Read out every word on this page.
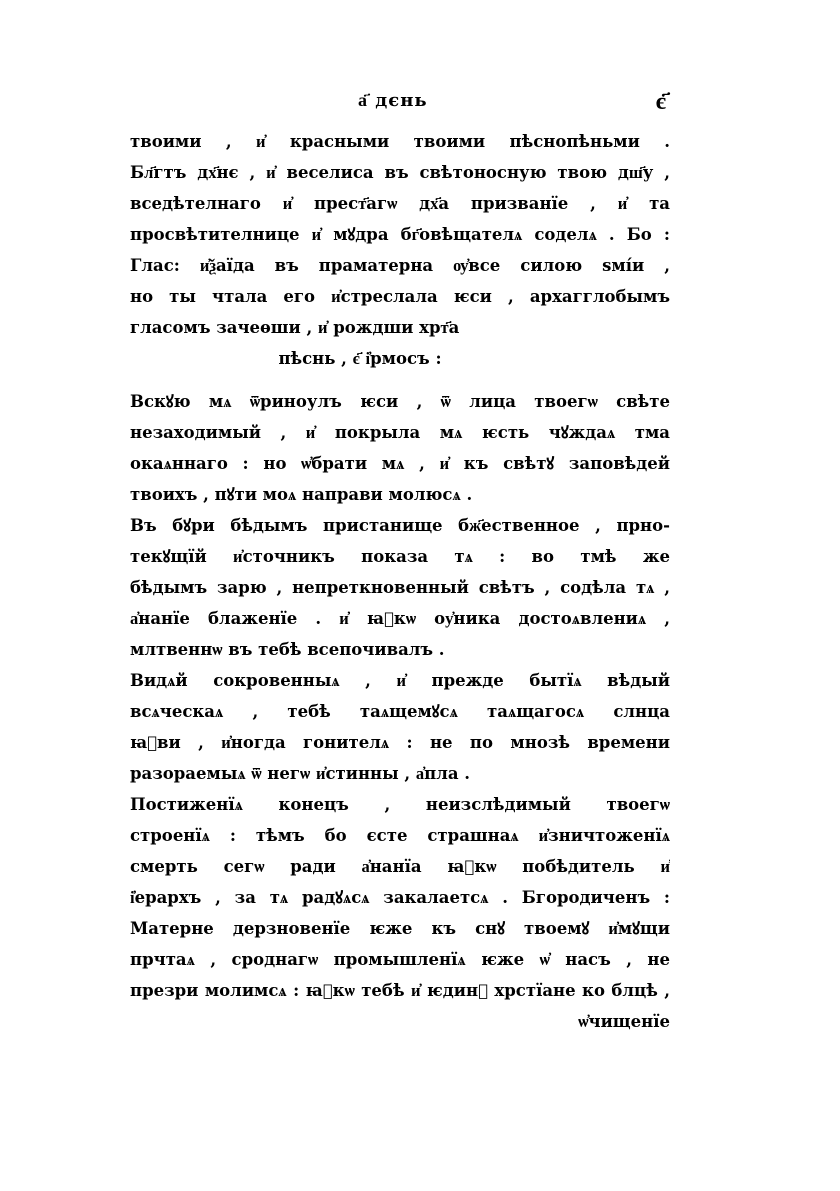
а҃ дєнь	є҃
твоими , и҆ красными твоими пѣснопѣньми .
Бл҃гтъ дх҃нє , и҆ веселиса въ свѣтоносную твою дш҃у ,
вседѣтелнаго и҆ прест҃агѡ дх҃а призванїе , и҆ та
просвѣтителнице и҆ мꙋдра бг҃овѣщателѧ соделѧ . Бо :
Глас: и҆ѯаїда въ праматерна ѹ҆все силою ѕмі́и ,
но ты чтала его и҆стреслала ѥси , архагглобымъ
гласомъ зачеѳши , и҆ рождши хрт҃а
пѣснь , є҃ і҆рмосъ :
Вскꙋю мѧ ѿриноулъ ѥси , ѿ лица твоегѡ свѣте
незаходимый , и҆ покрыла мѧ ѥсть чꙋждаѧ тма
окаѧннаго : но ѡ҆брати мѧ , и҆ къ свѣтꙋ заповѣдей
твоихъ , пꙋти моѧ направи молюсѧ .
Въ бꙋри бѣдымъ пристанище бж҃ественное , прно-
текꙋщїй и҆сточникъ показа тѧ : во тмѣ же
бѣдымъ зарю , непреткновенный свѣтъ , содѣла тѧ ,
а҆нанїе блаженїе . и҆ ꙗ҆кѡ оу҆ника достоѧвлениѧ ,
млтвеннѡ въ тебѣ всепочивалъ .
Видѧй сокровенныѧ , и҆ прежде бытїѧ вѣдый
всѧческаѧ , тебѣ таѧщемꙋсѧ таѧщагосѧ слнца
ꙗ҆ви , и҆ногда гонителѧ : не по мнозѣ времени
разораемыѧ ѿ негѡ и҆стинны , а҆пла .
Постиженїѧ конецъ , неизслѣдимый твоегѡ
строенїѧ : тѣмъ бо єсте страшнаѧ и҆зничтоженїѧ
смерть сегѡ ради а҆нанїа ꙗ҆кѡ побѣдитель и҆
і҆ерархъ , за тѧ радꙋѧсѧ закалаетсѧ . Бгородиченъ :
Матерне дерзновенїе ѥже къ снꙋ твоемꙋ и҆мꙋщи
прчтаѧ , сроднагѡ промышленїѧ ѥже ѡ҆ насъ , не
презри молимсѧ : ꙗ҆кѡ тебѣ и҆ ѥдинꙋ хрстїане ко блцѣ ,
ѡ҆чищенїе
